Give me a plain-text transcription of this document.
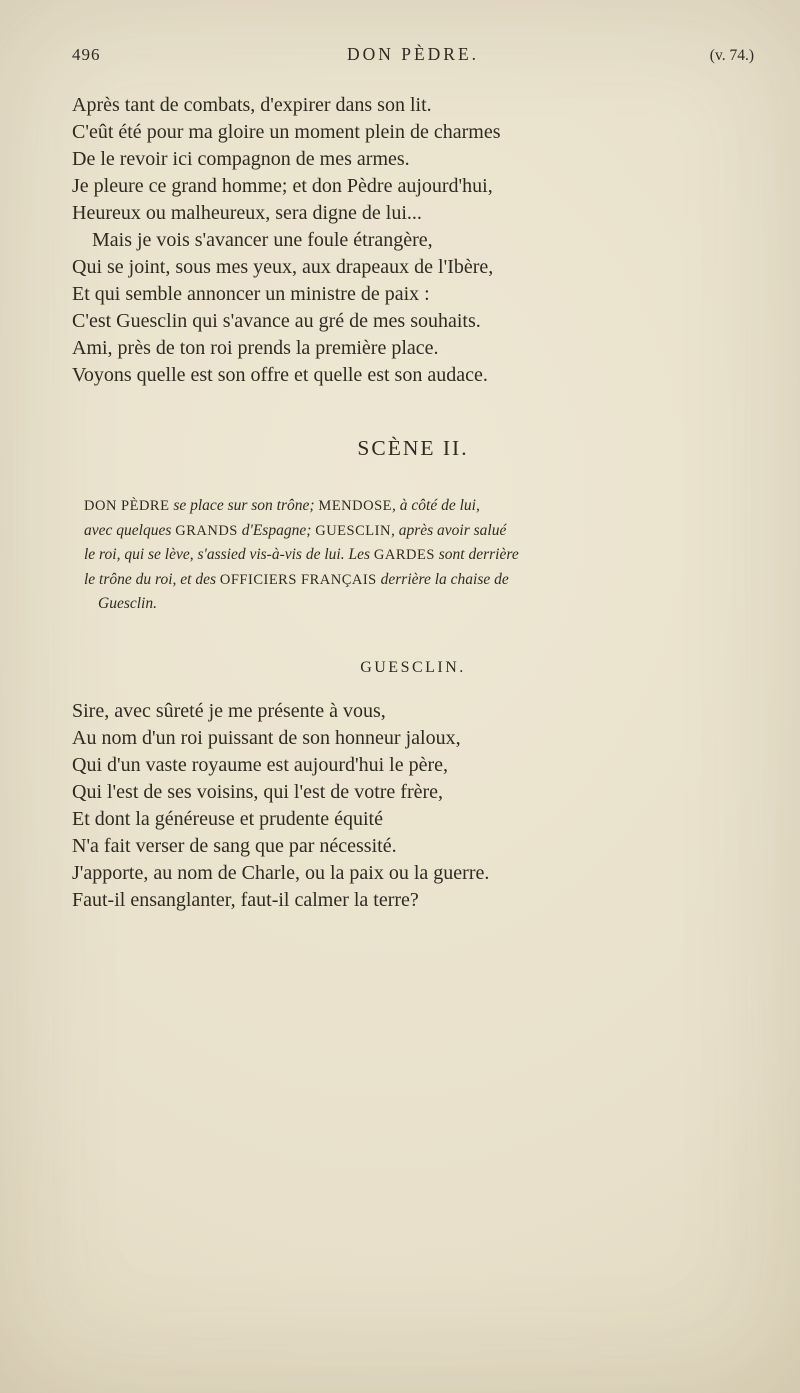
496	DON PÈDRE.	(v. 74.)
Après tant de combats, d'expirer dans son lit.
C'eût été pour ma gloire un moment plein de charmes
De le revoir ici compagnon de mes armes.
Je pleure ce grand homme; et don Pèdre aujourd'hui,
Heureux ou malheureux, sera digne de lui...
Mais je vois s'avancer une foule étrangère,
Qui se joint, sous mes yeux, aux drapeaux de l'Ibère,
Et qui semble annoncer un ministre de paix :
C'est Guesclin qui s'avance au gré de mes souhaits.
Ami, près de ton roi prends la première place.
Voyons quelle est son offre et quelle est son audace.
SCÈNE II.
DON PÈDRE se place sur son trône; MENDOSE, à côté de lui,
avec quelques GRANDS d'Espagne; GUESCLIN, après avoir salué
le roi, qui se lève, s'assied vis-à-vis de lui. Les GARDES sont derrière
le trône du roi, et des OFFICIERS FRANÇAIS derrière la chaise de
Guesclin.
GUESCLIN.
Sire, avec sûreté je me présente à vous,
Au nom d'un roi puissant de son honneur jaloux,
Qui d'un vaste royaume est aujourd'hui le père,
Qui l'est de ses voisins, qui l'est de votre frère,
Et dont la généreuse et prudente équité
N'a fait verser de sang que par nécessité.
J'apporte, au nom de Charle, ou la paix ou la guerre.
Faut-il ensanglanter, faut-il calmer la terre?
